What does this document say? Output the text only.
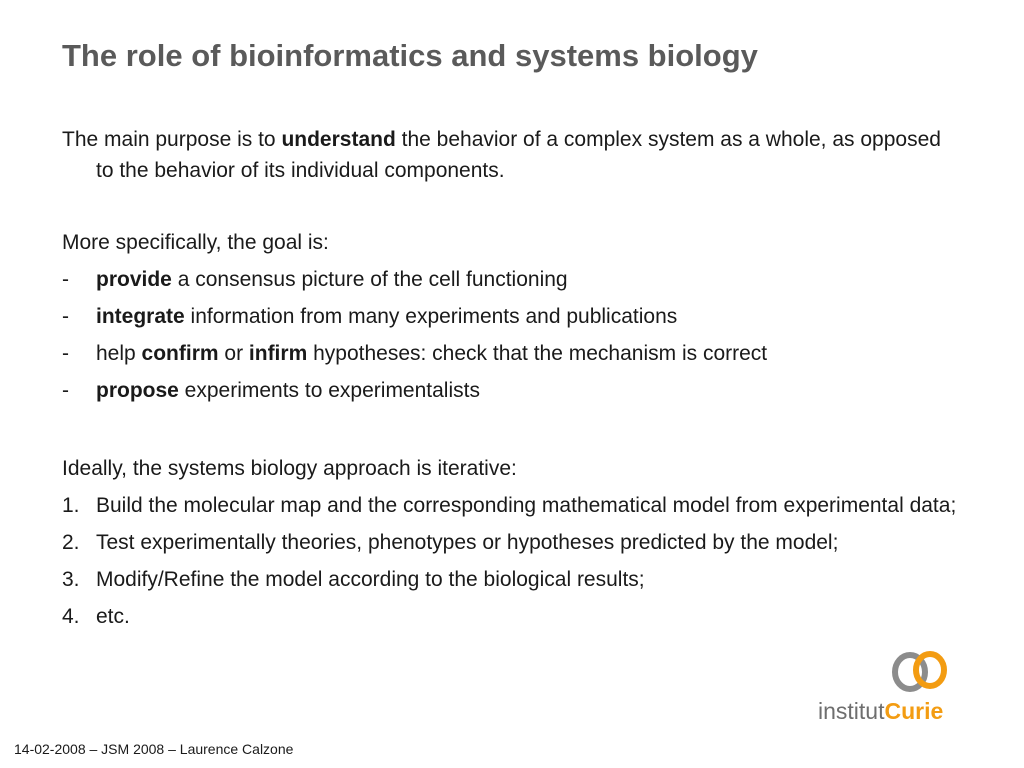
The role of bioinformatics and systems biology

The main purpose is to understand the behavior of a complex system as a whole, as opposed to the behavior of its individual components.

More specifically, the goal is:

-	provide a consensus picture of the cell functioning
-	integrate information from many experiments and publications
-	help confirm or infirm hypotheses: check that the mechanism is correct
-	propose experiments to experimentalists

Ideally, the systems biology approach is iterative:

1. Build the molecular map and the corresponding mathematical model from experimental data;
2. Test experimentally theories, phenotypes or hypotheses predicted by the model;
3. Modify/Refine the model according to the biological results;
4. etc.
institutCurie
14-02-2008 – JSM 2008 – Laurence Calzone
